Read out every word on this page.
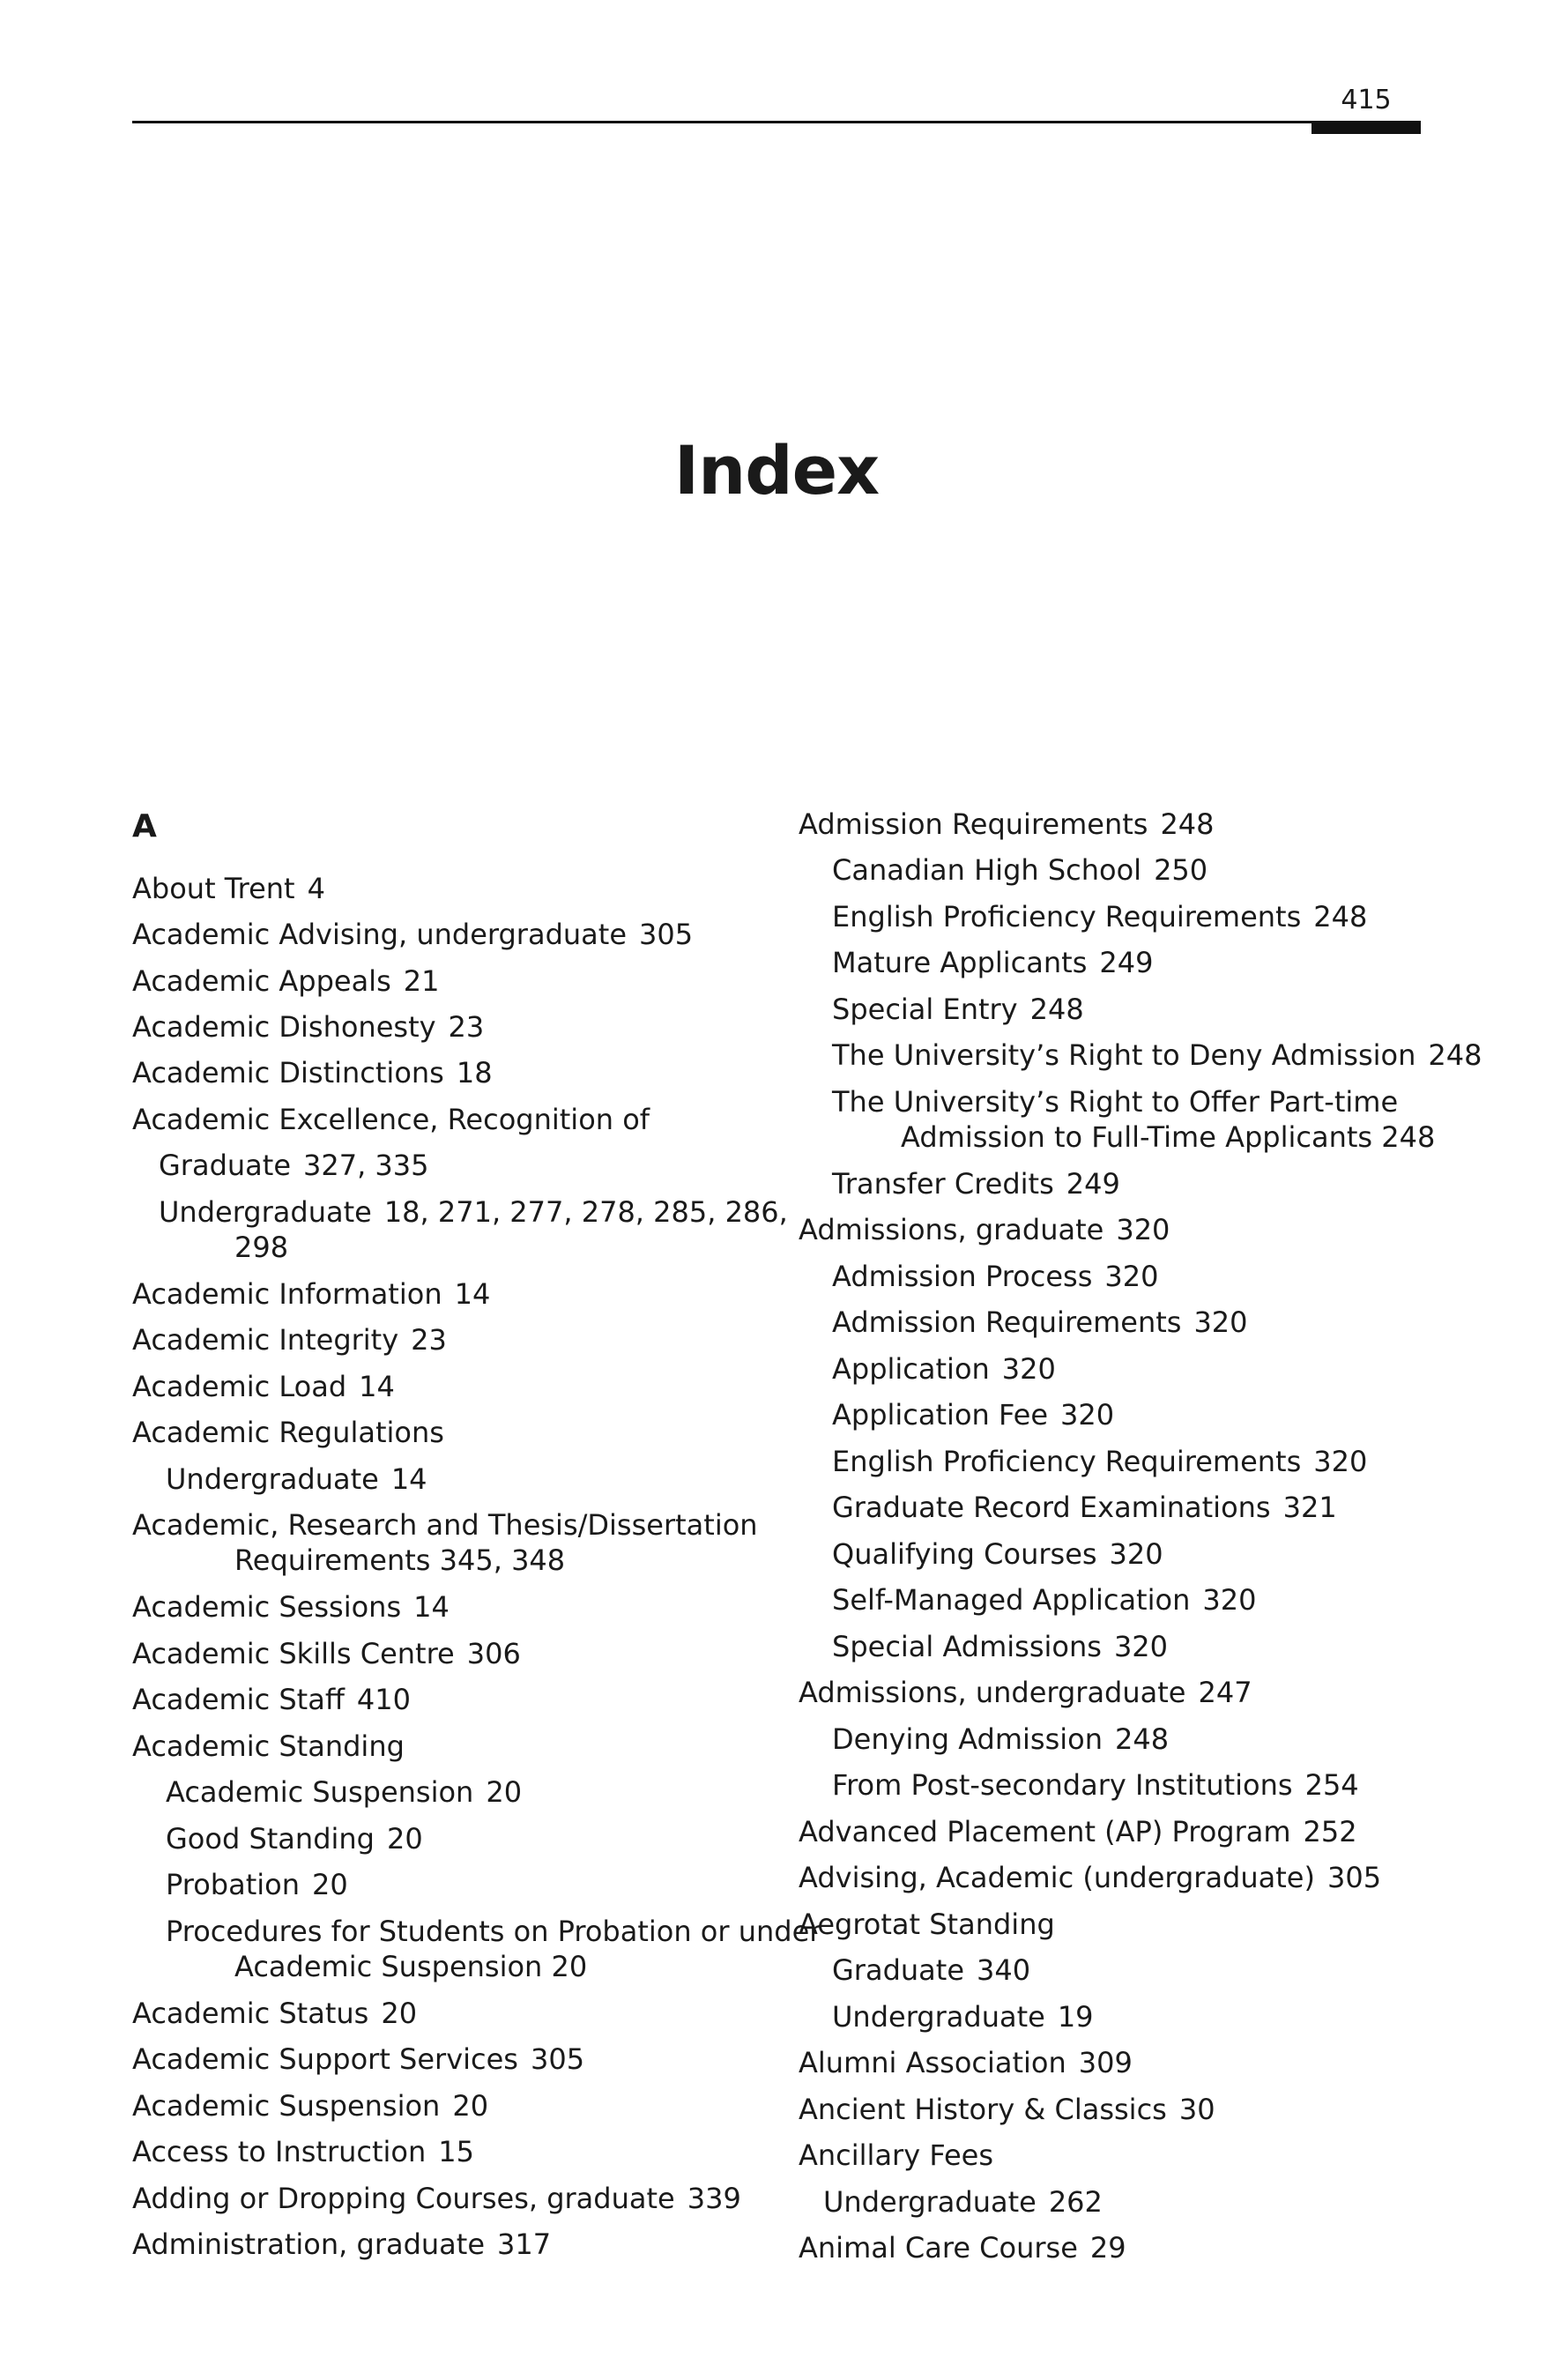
415
Index
A
About Trent 4
Academic Advising, undergraduate 305
Academic Appeals 21
Academic Dishonesty 23
Academic Distinctions 18
Academic Excellence, Recognition of
Graduate 327, 335
Undergraduate 18, 271, 277, 278, 285, 286,
298
Academic Information 14
Academic Integrity 23
Academic Load 14
Academic Regulations
Undergraduate 14
Academic, Research and Thesis/Dissertation
Requirements 345, 348
Academic Sessions 14
Academic Skills Centre 306
Academic Staff 410
Academic Standing
Academic Suspension 20
Good Standing 20
Probation 20
Procedures for Students on Probation or under
Academic Suspension 20
Academic Status 20
Academic Support Services 305
Academic Suspension 20
Access to Instruction 15
Adding or Dropping Courses, graduate 339
Administration, graduate 317
Admission Requirements 248
Canadian High School 250
English Proficiency Requirements 248
Mature Applicants 249
Special Entry 248
The University’s Right to Deny Admission 248
The University’s Right to Offer Part-time
Admission to Full-Time Applicants 248
Transfer Credits 249
Admissions, graduate 320
Admission Process 320
Admission Requirements 320
Application 320
Application Fee 320
English Proficiency Requirements 320
Graduate Record Examinations 321
Qualifying Courses 320
Self-Managed Application 320
Special Admissions 320
Admissions, undergraduate 247
Denying Admission 248
From Post-secondary Institutions 254
Advanced Placement (AP) Program 252
Advising, Academic (undergraduate) 305
Aegrotat Standing
Graduate 340
Undergraduate 19
Alumni Association 309
Ancient History & Classics 30
Ancillary Fees
Undergraduate 262
Animal Care Course 29
